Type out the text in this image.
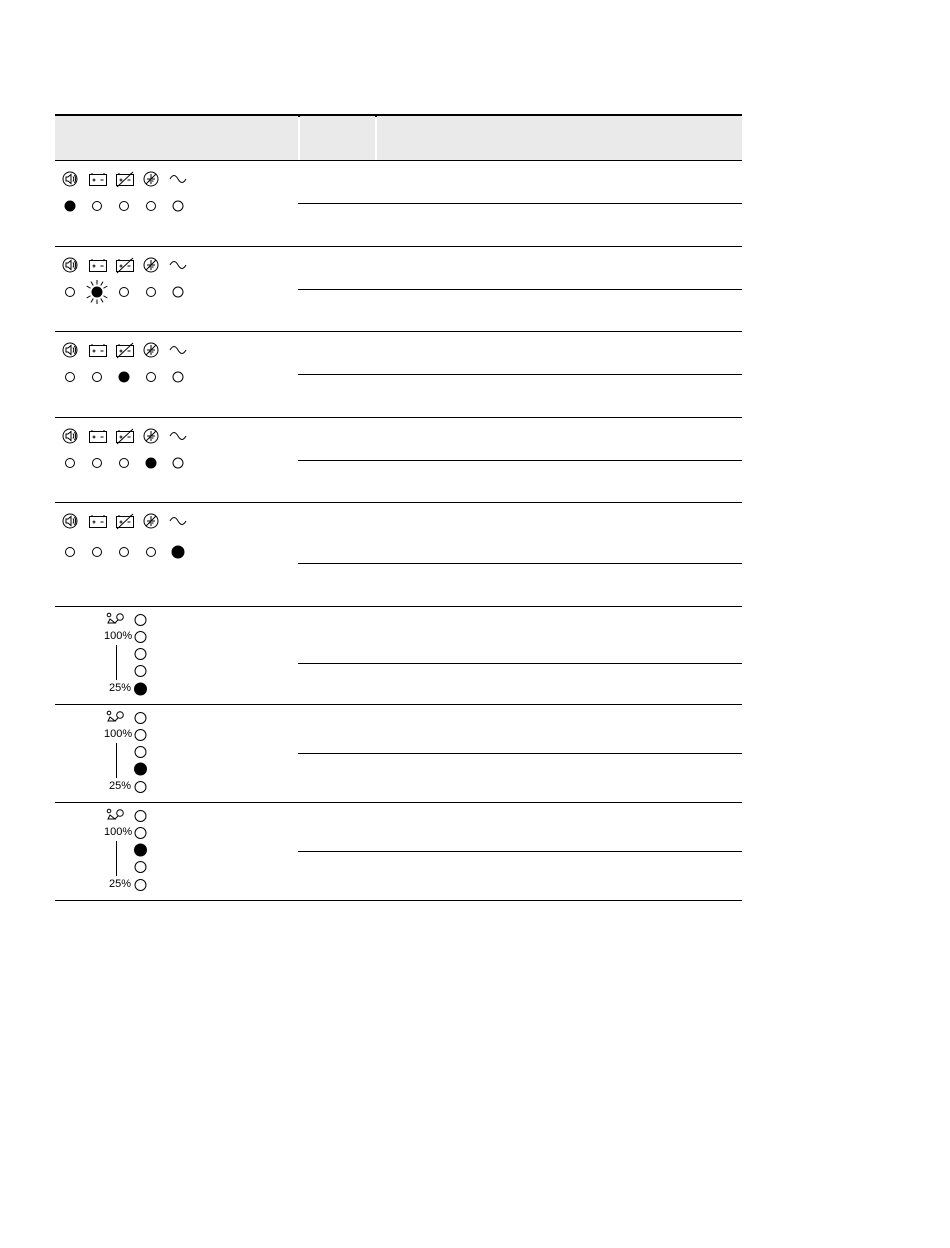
100%
25%
100%
25%
100%
25%
